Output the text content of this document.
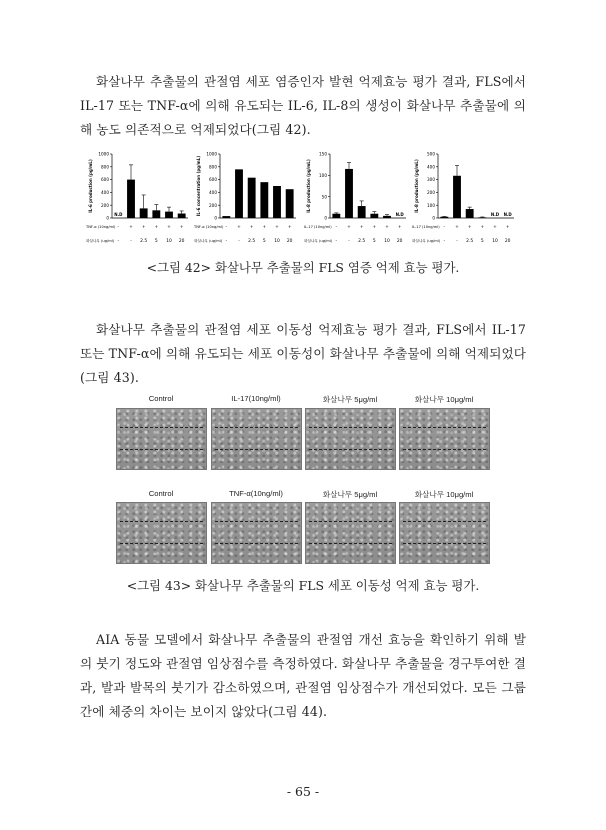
화살나무 추출물의 관절염 세포 염증인자 발현 억제효능 평가 결과, FLS에서 IL-17 또는 TNF-α에 의해 유도되는 IL-6, IL-8의 생성이 화살나무 추출물에 의해 농도 의존적으로 억제되었다(그림 42).

IL-6 production (pg/mL)
0
200
400
600
800
1000
N.D
-
-
+
-
+
2.5
+
5
+
10
+
20
TNF-α (10ng/ml)
화살나무 (ug/ml)
IL-6 concentration (pg/mL)
0
200
400
600
800
1000
-
-
+
-
+
2.5
+
5
+
10
+
20
TNF-α (10ng/ml)
화살나무 (ug/ml)
IL-8 production (pg/mL)
0
50
100
150
-
-
+
-
+
2.5
+
5
+
10
N.D
+
20
IL-17 (10ng/ml)
화살나무 (ug/ml)
IL-8 production (pg/mL)
0
100
200
300
400
500
-
-
+
-
+
2.5
+
5
N.D
+
10
N.D
+
20
IL-17 (10ng/ml)
화살나무 (ug/ml)

<그림 42> 화살나무 추출물의 FLS 염증 억제 효능 평가.

화살나무 추출물의 관절염 세포 이동성 억제효능 평가 결과, FLS에서 IL-17 또는 TNF-α에 의해 유도되는 세포 이동성이 화살나무 추출물에 의해 억제되었다(그림 43).

Control	IL-17(10ng/ml)	화살나무 5μg/ml	화살나무 10μg/ml
Control	TNF-α(10ng/ml)	화살나무 5μg/ml	화살나무 10μg/ml

<그림 43> 화살나무 추출물의 FLS 세포 이동성 억제 효능 평가.

AIA 동물 모델에서 화살나무 추출물의 관절염 개선 효능을 확인하기 위해 발의 붓기 정도와 관절염 임상점수를 측정하였다. 화살나무 추출물을 경구투여한 결과, 발과 발목의 붓기가 감소하였으며, 관절염 임상점수가 개선되었다. 모든 그룹간에 체중의 차이는 보이지 않았다(그림 44).

- 65 -
